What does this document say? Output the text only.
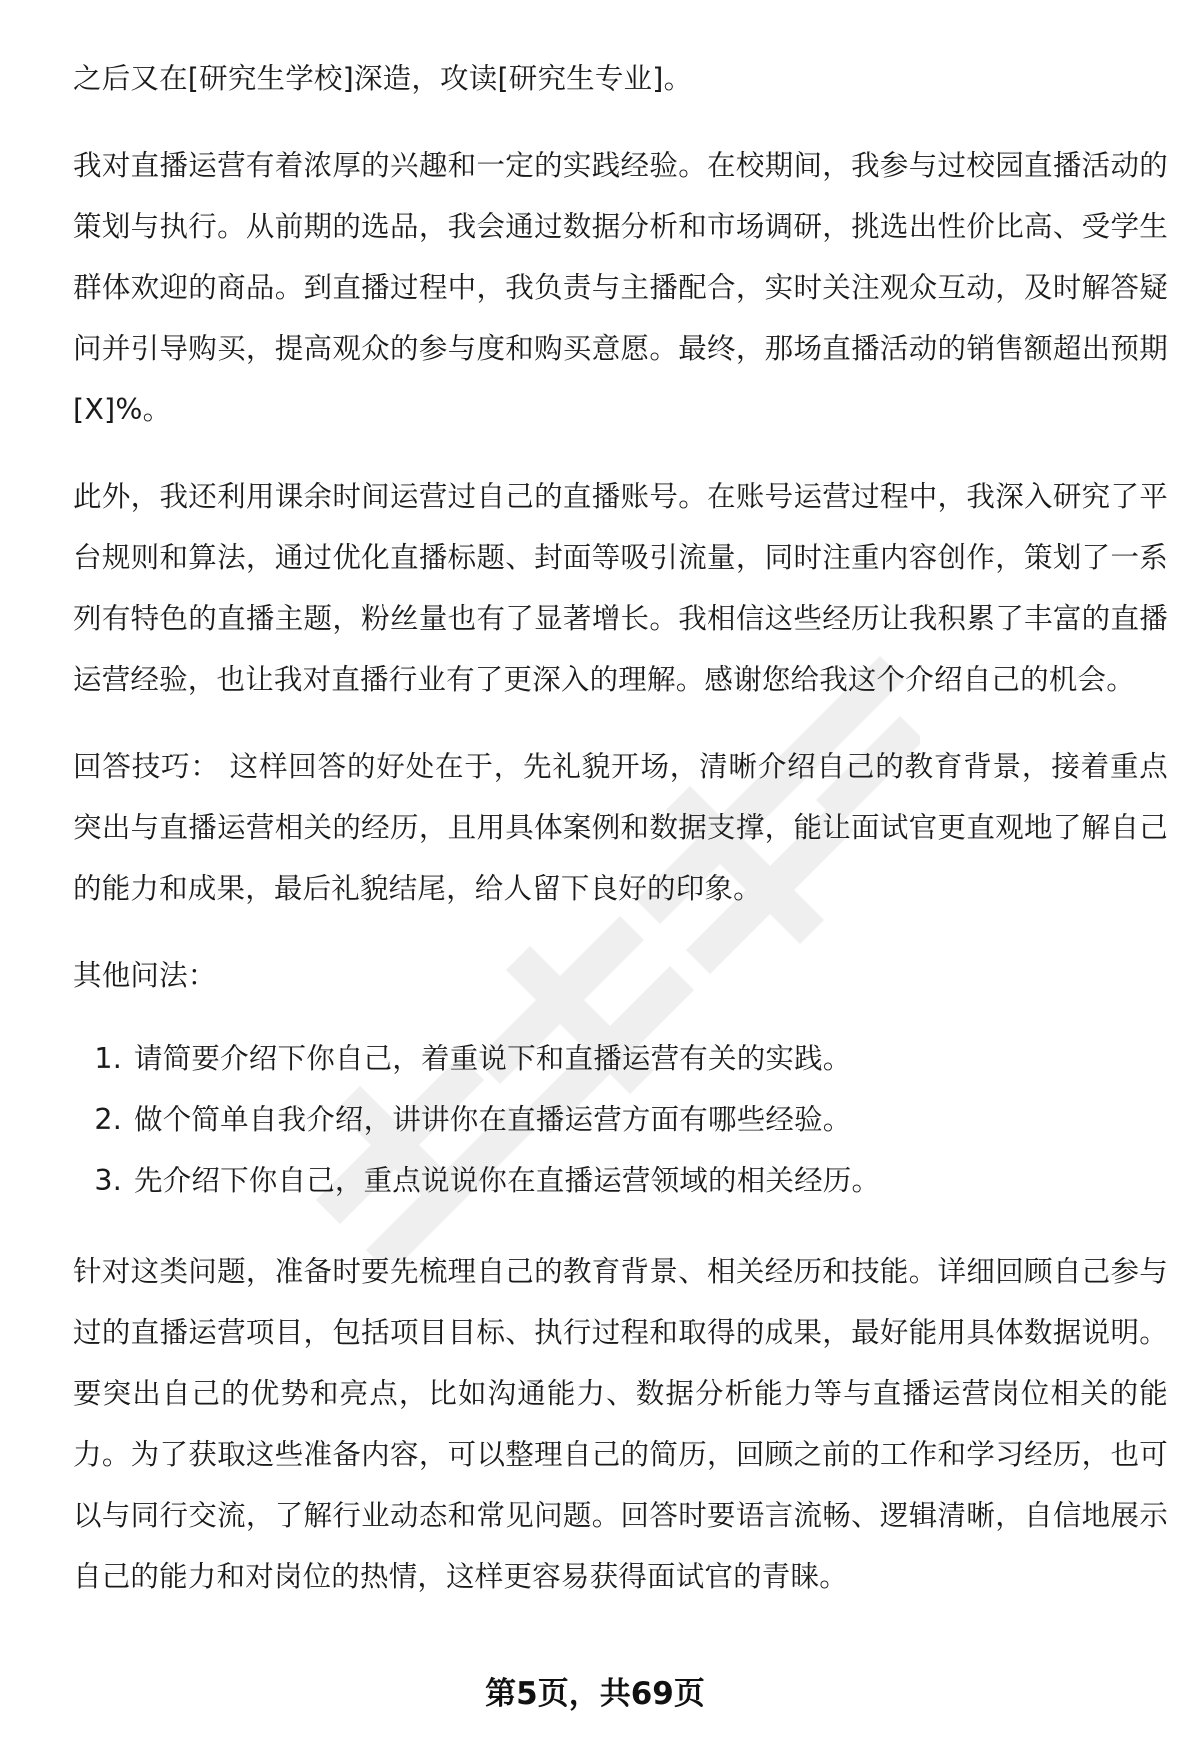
之后又在[研究生学校]深造，攻读[研究生专业]。

我对直播运营有着浓厚的兴趣和一定的实践经验。在校期间，我参与过校园直播活动的策划与执行。从前期的选品，我会通过数据分析和市场调研，挑选出性价比高、受学生群体欢迎的商品。到直播过程中，我负责与主播配合，实时关注观众互动，及时解答疑问并引导购买，提高观众的参与度和购买意愿。最终，那场直播活动的销售额超出预期[X]%。

此外，我还利用课余时间运营过自己的直播账号。在账号运营过程中，我深入研究了平台规则和算法，通过优化直播标题、封面等吸引流量，同时注重内容创作，策划了一系列有特色的直播主题，粉丝量也有了显著增长。我相信这些经历让我积累了丰富的直播运营经验，也让我对直播行业有了更深入的理解。感谢您给我这个介绍自己的机会。

回答技巧： 这样回答的好处在于，先礼貌开场，清晰介绍自己的教育背景，接着重点突出与直播运营相关的经历，且用具体案例和数据支撑，能让面试官更直观地了解自己的能力和成果，最后礼貌结尾，给人留下良好的印象。

其他问法：

1. 请简要介绍下你自己，着重说下和直播运营有关的实践。
2. 做个简单自我介绍，讲讲你在直播运营方面有哪些经验。
3. 先介绍下你自己，重点说说你在直播运营领域的相关经历。

针对这类问题，准备时要先梳理自己的教育背景、相关经历和技能。详细回顾自己参与过的直播运营项目，包括项目目标、执行过程和取得的成果，最好能用具体数据说明。要突出自己的优势和亮点，比如沟通能力、数据分析能力等与直播运营岗位相关的能力。为了获取这些准备内容，可以整理自己的简历，回顾之前的工作和学习经历，也可以与同行交流，了解行业动态和常见问题。回答时要语言流畅、逻辑清晰，自信地展示自己的能力和对岗位的热情，这样更容易获得面试官的青睐。

第5页，共69页
